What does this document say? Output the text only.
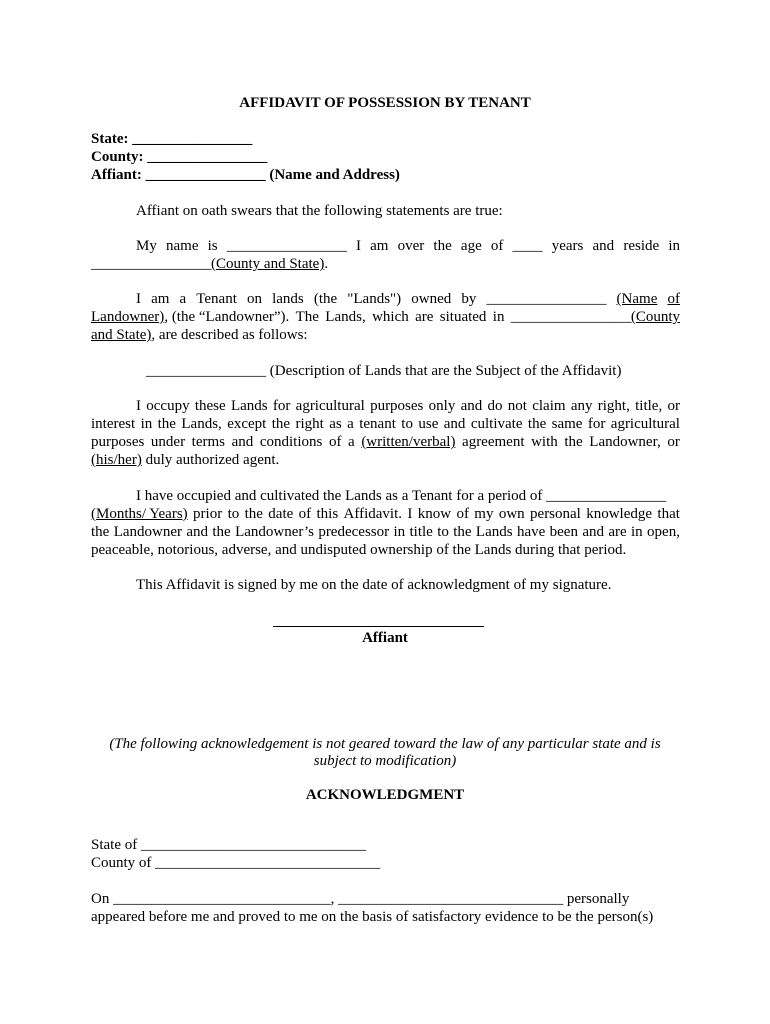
AFFIDAVIT OF POSSESSION BY TENANT
State: ________________
County: ________________
Affiant: ________________ (Name and Address)
Affiant on oath swears that the following statements are true:
My name is ________________ I am over the age of ____ years and reside in
________________(County and State).
I am a Tenant on lands (the "Lands") owned by ________________ (Name of
Landowner), (the “Landowner”). The Lands, which are situated in ________________(County
and State), are described as follows:
________________ (Description of Lands that are the Subject of the Affidavit)
I occupy these Lands for agricultural purposes only and do not claim any right, title, or
interest in the Lands, except the right as a tenant to use and cultivate the same for agricultural
purposes under terms and conditions of a (written/verbal) agreement with the Landowner, or
(his/her) duly authorized agent.
I have occupied and cultivated the Lands as a Tenant for a period of ________________
(Months/ Years) prior to the date of this Affidavit. I know of my own personal knowledge that
the Landowner and the Landowner’s predecessor in title to the Lands have been and are in open,
peaceable, notorious, adverse, and undisputed ownership of the Lands during that period.
This Affidavit is signed by me on the date of acknowledgment of my signature.
Affiant
(The following acknowledgement is not geared toward the law of any particular state and is
subject to modification)
ACKNOWLEDGMENT
State of ______________________________
County of ______________________________
On _____________________________, ______________________________ personally
appeared before me and proved to me on the basis of satisfactory evidence to be the person(s)
